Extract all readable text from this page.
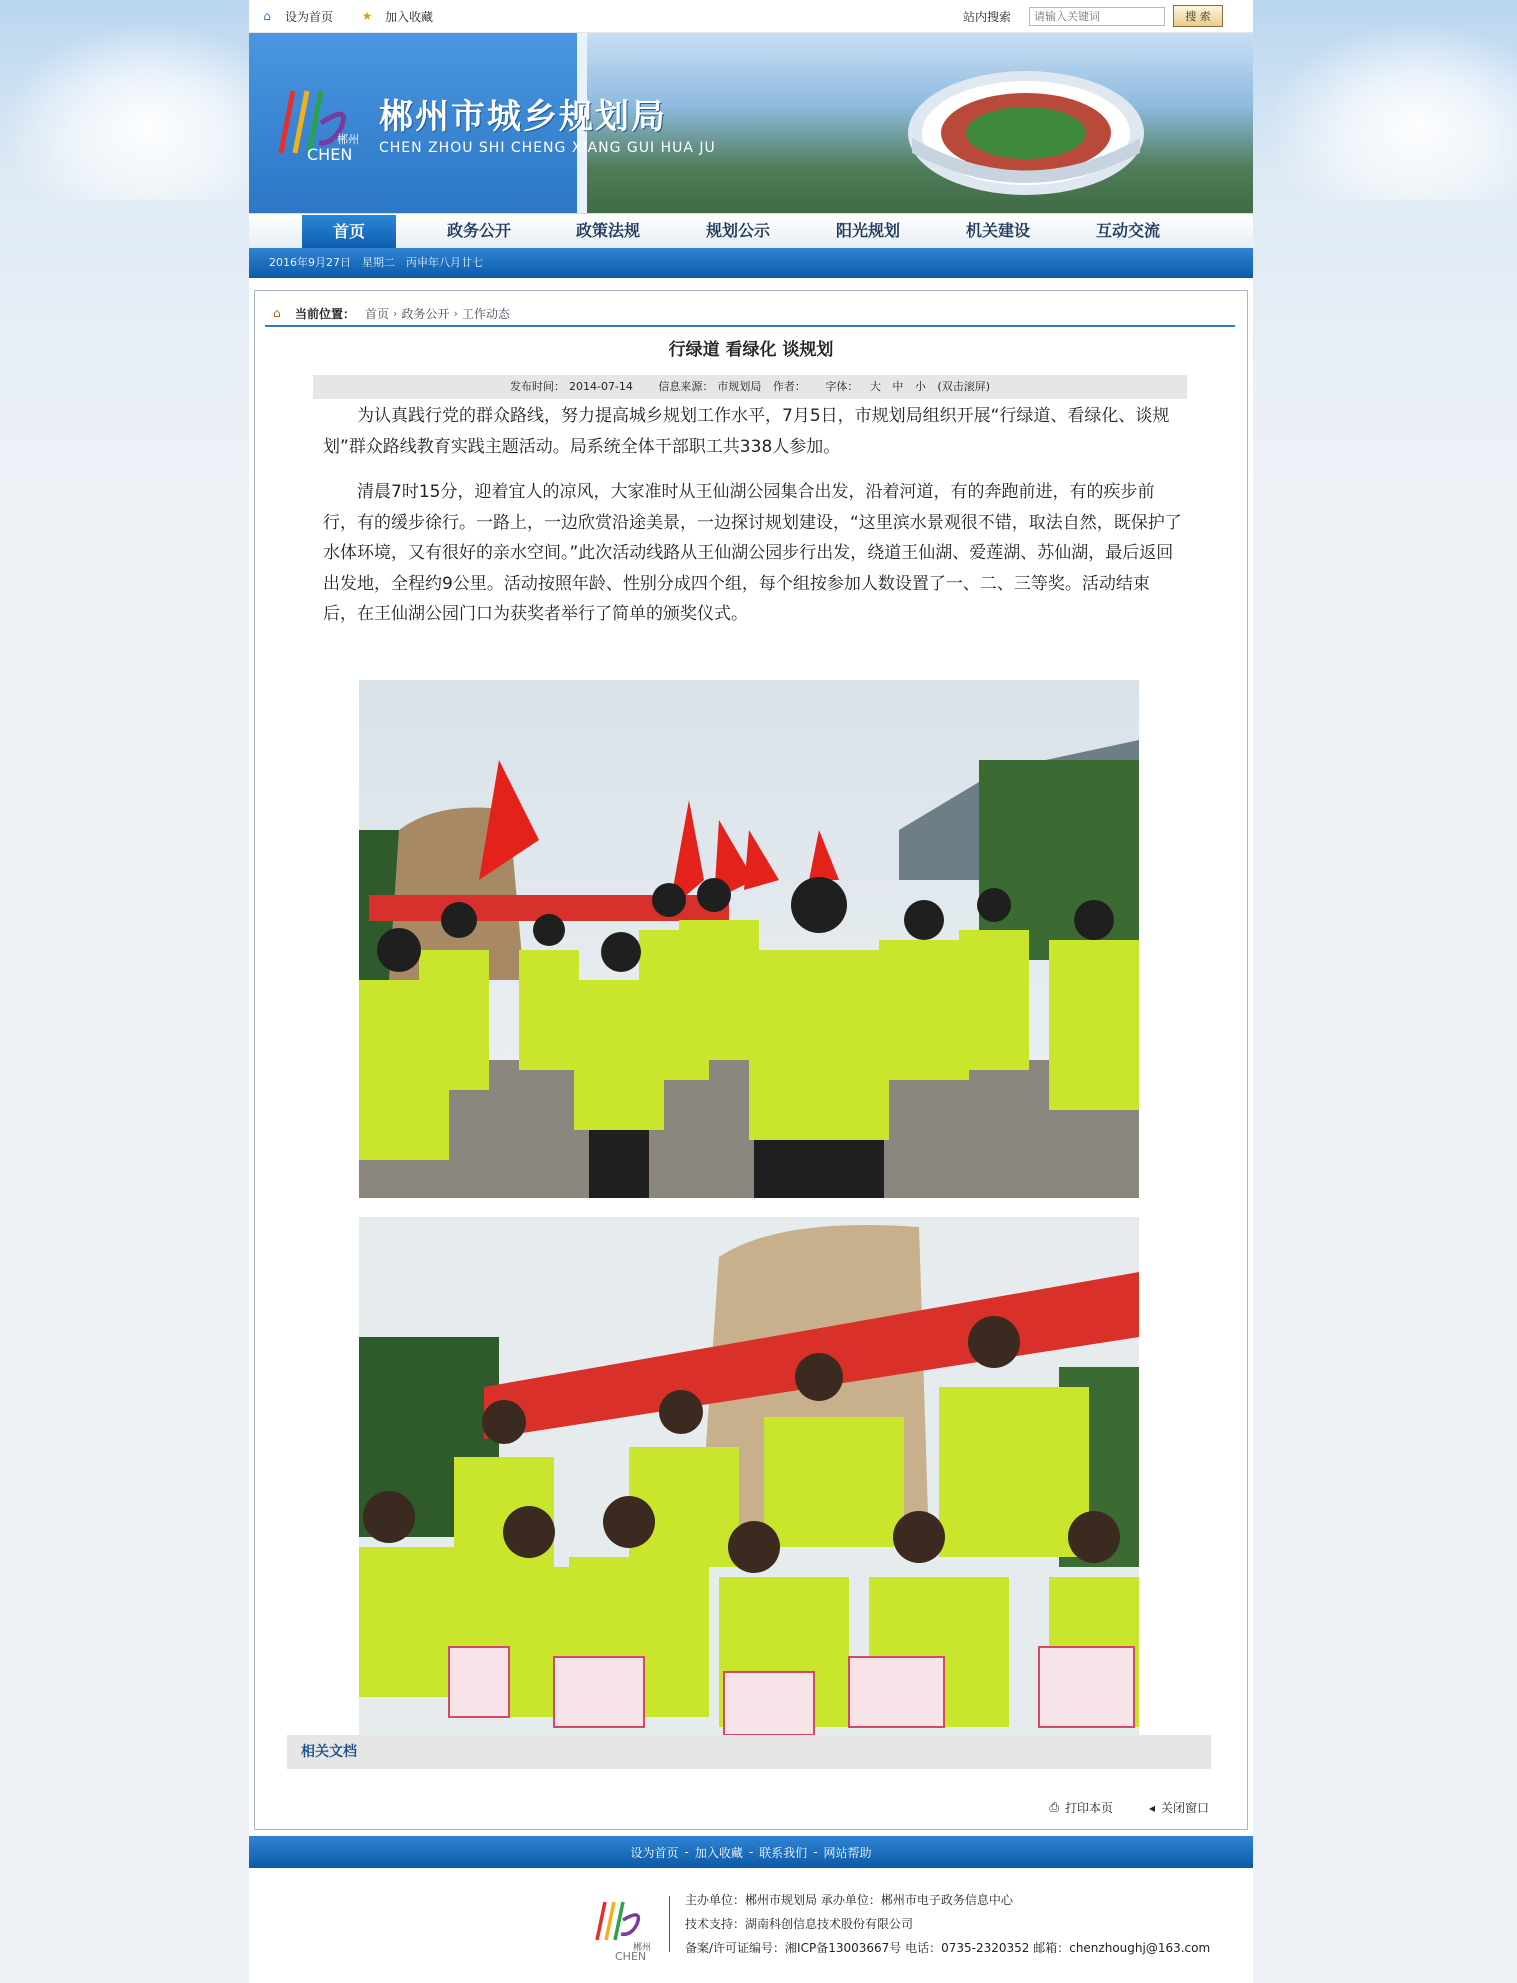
⌂	设为首页 ★ 加入收藏	站内搜索
请输入关键词	搜 索
郴州
CHEN
郴州市城乡规划局
CHEN ZHOU SHI CHENG XIANG GUI HUA JU
首页	政务公开	政策法规	规划公示	阳光规划	机关建设	互动交流
2016年9月27日　星期二　丙申年八月廿七
⌂	当前位置： 首页 › 政务公开 › 工作动态
行绿道 看绿化 谈规划
发布时间： 2014-07-14 信息来源： 市规划局 作者： 字体： 大 中 小 (双击滚屏)

为认真践行党的群众路线，努力提高城乡规划工作水平，7月5日，市规划局组织开展“行绿道、看绿化、谈规划”群众路线教育实践主题活动。局系统全体干部职工共338人参加。

清晨7时15分，迎着宜人的凉风，大家准时从王仙湖公园集合出发，沿着河道，有的奔跑前进，有的疾步前行，有的缓步徐行。一路上，一边欣赏沿途美景，一边探讨规划建设，“这里滨水景观很不错，取法自然，既保护了水体环境，又有很好的亲水空间。”此次活动线路从王仙湖公园步行出发，绕道王仙湖、爱莲湖、苏仙湖，最后返回出发地，全程约9公里。活动按照年龄、性别分成四个组，每个组按参加人数设置了一、二、三等奖。活动结束后，在王仙湖公园门口为获奖者举行了简单的颁奖仪式。

相关文档
⎙ 打印本页	◂ 关闭窗口
设为首页 - 加入收藏 - 联系我们 - 网站帮助
郴州
CHEN
主办单位：郴州市规划局 承办单位：郴州市电子政务信息中心
技术支持：湖南科创信息技术股份有限公司
备案/许可证编号：湘ICP备13003667号 电话：0735-2320352 邮箱：chenzhoughj@163.com
